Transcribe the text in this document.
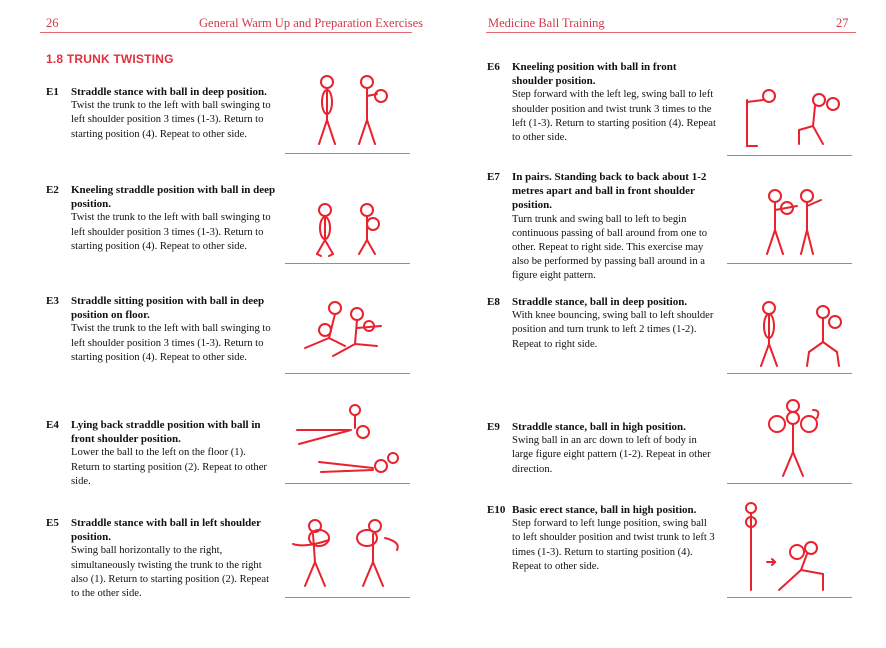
26	General Warm Up and Preparation Exercises	Medicine Ball Training	27
1.8 TRUNK TWISTING
E1 Straddle stance with ball in deep position.
Twist the trunk to the left with ball swinging to left shoulder position 3 times (1-3). Return to starting position (4). Repeat to other side.
E2 Kneeling straddle position with ball in deep position.
Twist the trunk to the left with ball swinging to left shoulder position 3 times (1-3). Return to starting position (4). Repeat to other side.
E3 Straddle sitting position with ball in deep position on floor.
Twist the trunk to the left with ball swinging to left shoulder position 3 times (1-3). Return to starting position (4). Repeat to other side.
E4 Lying back straddle position with ball in front shoulder position.
Lower the ball to the left on the floor (1). Return to starting position (2). Repeat to other side.
E5 Straddle stance with ball in left shoulder position.
Swing ball horizontally to the right, simultaneously twisting the trunk to the right also (1). Return to starting position (2). Repeat to the other side.
E6 Kneeling position with ball in front shoulder position.
Step forward with the left leg, swing ball to left shoulder position and twist trunk 3 times to the left (1-3). Return to starting position (4). Repeat to other side.
E7 In pairs. Standing back to back about 1-2 metres apart and ball in front shoulder position.
Turn trunk and swing ball to left to begin continuous passing of ball around from one to other. Repeat to right side. This exercise may also be performed by passing ball around in a figure eight pattern.
E8 Straddle stance, ball in deep position.
With knee bouncing, swing ball to left shoulder position and turn trunk to left 2 times (1-2). Repeat to right side.
E9 Straddle stance, ball in high position.
Swing ball in an arc down to left of body in large figure eight pattern (1-2). Repeat in other direction.
E10 Basic erect stance, ball in high position.
Step forward to left lunge position, swing ball to left shoulder position and twist trunk to left 3 times (1-3). Return to starting position (4). Repeat to other side.
